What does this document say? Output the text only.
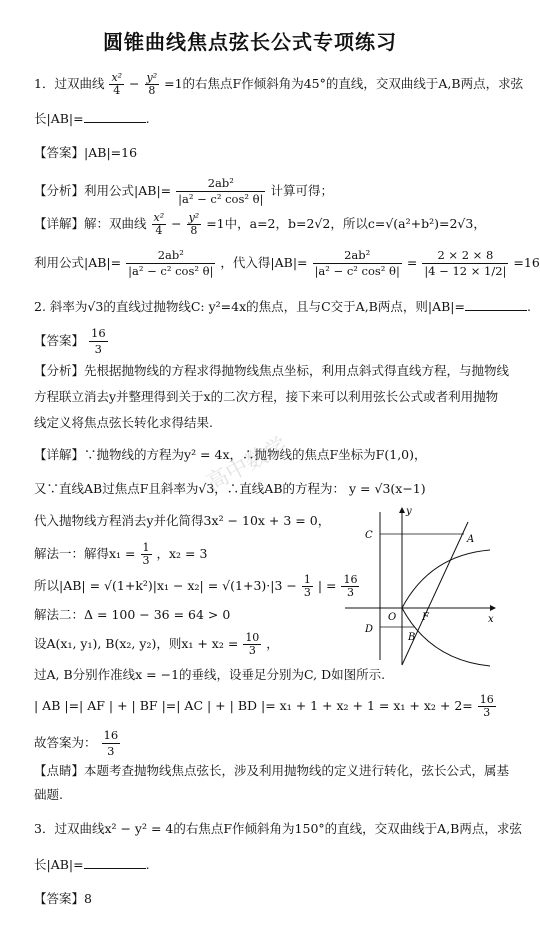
圆锥曲线焦点弦长公式专项练习
1．过双曲线 $\frac{\text{x²}}{4} - \frac{\text{y²}}{8} =1$的右焦点F作倾斜角为45°的直线，交双曲线于A,B两点，求弦
长|AB|=	.
【答案】|AB|=16
【分析】利用公式$|AB|= \frac{\text{2ab²}}{\text{|a² − c² cos² θ|}}$ 计算可得；
【详解】解：双曲线 $\frac{\text{x²}}{4} - \frac{\text{y²}}{8} =1$中，a=2，b=2√2，所以c=√(a²+b²)=2√3，
利用公式$|AB|= \frac{\text{2ab²}}{\text{|a² − c² cos² θ|}}$ ，代入得$|AB|= \frac{\text{2ab²}}{\text{|a² − c² cos² θ|}} = \frac{2 \times 2 \times 8}{|4 - 12 \times 1/2|} =16$
2. 斜率为√3的直线过抛物线C: y²=4x的焦点，且与C交于A,B两点，则|AB|=	.
【答案】 $\frac{16}{3}$
【分析】先根据抛物线的方程求得抛物线焦点坐标，利用点斜式得直线方程，与抛物线
方程联立消去y并整理得到关于x的二次方程，接下来可以利用弦长公式或者利用抛物
线定义将焦点弦长转化求得结果.
【详解】∵抛物线的方程为y² = 4x，∴抛物线的焦点F坐标为F(1,0)，
又∵直线AB过焦点F且斜率为√3，∴直线AB的方程为： y = √3(x−1)
代入抛物线方程消去y并化简得3x² − 10x + 3 = 0，
解法一：解得$x_1 = \frac{1}{3}$ ，x₂ = 3
所以$|AB| = √(1+k^2)|x_1 - x_2| = √(1+3)\cdot|3 - \frac{1}{3}$ | = $\frac{16}{3}$
解法二：Δ = 100 − 36 = 64 > 0
设A(x₁, y₁), B(x₂, y₂)，则$x_1 + x_2 = \frac{10}{3}$ ，
过A, B分别作准线x = −1的垂线，设垂足分别为C, D如图所示.
| AB |=| AF | + | BF |=| AC | + | BD |= $x_1 + 1 + x_2 + 1 = x_1 + x_2 + 2= \frac{16}{3}$
故答案为： $\frac{16}{3}$
【点睛】本题考查抛物线焦点弦长，涉及利用抛物线的定义进行转化，弦长公式，属基
础题.
3．过双曲线x² − y² = 4的右焦点F作倾斜角为150°的直线，交双曲线于A,B两点，求弦
长|AB|=	.
【答案】8
C	A
O	F
D
B
x
y
高中数学
